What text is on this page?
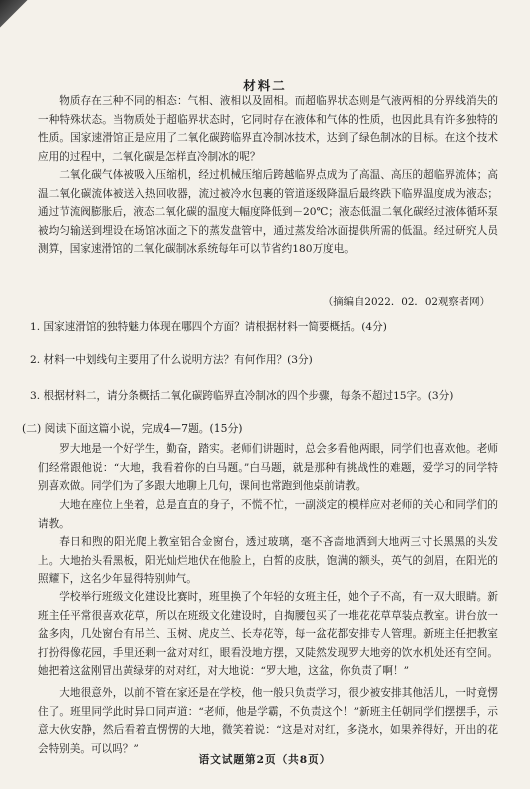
材料二

物质存在三种不同的相态：气相、液相以及固相。而超临界状态则是气液两相的分界线消失的一种特殊状态。当物质处于超临界状态时，它同时存在液体和气体的性质，也因此具有许多独特的性质。国家速滑馆正是应用了二氧化碳跨临界直冷制冰技术，达到了绿色制冰的目标。在这个技术应用的过程中，二氧化碳是怎样直冷制冰的呢？

二氧化碳气体被吸入压缩机，经过机械压缩后跨越临界点成为了高温、高压的超临界流体；高温二氧化碳流体被送入热回收器，流过被冷水包裹的管道逐级降温后最终跌下临界温度成为液态；通过节流阀膨胀后，液态二氧化碳的温度大幅度降低到－20℃；液态低温二氧化碳经过液体循环泵被均匀输送到埋设在场馆冰面之下的蒸发盘管中，通过蒸发给冰面提供所需的低温。经过研究人员测算，国家速滑馆的二氧化碳制冰系统每年可以节省约180万度电。

（摘编自2022．02．02观察者网）

1. 国家速滑馆的独特魅力体现在哪四个方面？请根据材料一简要概括。(4分)

2. 材料一中划线句主要用了什么说明方法？有何作用？(3分)

3. 根据材料二，请分条概括二氧化碳跨临界直冷制冰的四个步骤，每条不超过15字。(3分)

(二) 阅读下面这篇小说，完成4—7题。(15分)

罗大地是一个好学生，勤奋，踏实。老师们讲题时，总会多看他两眼，同学们也喜欢他。老师们经常跟他说：“大地，我看着你的白马题。”白马题，就是那种有挑战性的难题，爱学习的同学特别喜欢做。同学们为了多跟大地聊上几句，课间也常跑到他桌前请教。

大地在座位上坐着，总是直直的身子，不慌不忙，一副淡定的模样应对老师的关心和同学们的请教。

春日和煦的阳光爬上教室铝合金窗台，透过玻璃，毫不吝啬地洒到大地两三寸长黑黑的头发上。大地抬头看黑板，阳光灿烂地伏在他脸上，白皙的皮肤，饱满的额头，英气的剑眉，在阳光的照耀下，这名少年显得特别帅气。

学校举行班级文化建设比赛时，班里换了个年轻的女班主任，她个子不高，有一双大眼睛。新班主任平常很喜欢花草，所以在班级文化建设时，自掏腰包买了一堆花花草草装点教室。讲台放一盆多肉，几处窗台有吊兰、玉树、虎皮兰、长寿花等，每一盆花都安排专人管理。新班主任把教室打扮得像花园，手里还剩一盆对对红，眼看没地方摆，又陡然发现罗大地旁的饮水机处还有空间。她把着这盆刚冒出黄绿芽的对对红，对大地说：“罗大地，这盆，你负责了啊！”

大地很意外，以前不管在家还是在学校，他一般只负责学习，很少被安排其他活儿，一时竟愣住了。班里同学此时异口同声道：“老师，他是学霸，不负责这个！”新班主任朝同学们摆摆手，示意大伙安静，然后看着直愣愣的大地，微笑着说：“这是对对红，多浇水，如果养得好，开出的花会特别美。可以吗？”

语文试题第2页（共8页）
